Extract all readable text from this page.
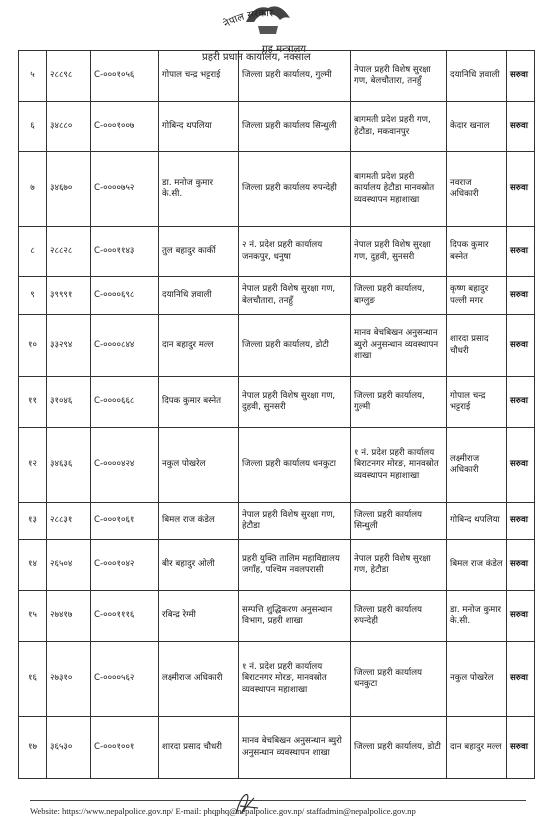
नेपाल सरकार
गृह मन्त्रालय
प्रहरी प्रधान कार्यालय, नक्साल
५	२८८९८	C-०००१०५६	गोपाल चन्द्र भट्टराई	जिल्ला प्रहरी कार्यालय, गुल्मी	नेपाल प्रहरी विशेष सुरक्षा गण, बेलचौतारा, तनहुँ	दयानिधि ज्ञवाली	सरुवा
६	३४८८०	C-०००१००७	गोबिन्द थपलिया	जिल्ला प्रहरी कार्यालय सिन्धुली	बागमती प्रदेश प्रहरी गण, हेटौडा, मकवानपुर	केदार खनाल	सरुवा
७	३४६७०	C-००००७५२	डा. मनोज कुमार के.सी.	जिल्ला प्रहरी कार्यालय रुपन्देही	बागमती प्रदेश प्रहरी कार्यालय हेटौडा मानवस्रोत व्यवस्थापन महाशाखा	नवराज अधिकारी	सरुवा
८	२८८२८	C-०००११४३	तुल बहादुर कार्की	२ नं. प्रदेश प्रहरी कार्यालय जनकपुर, धनुषा	नेपाल प्रहरी विशेष सुरक्षा गण, दुहवी, सुनसरी	दिपक कुमार बस्नेत	सरुवा
९	३९९९१	C-००००६९८	दयानिधि ज्ञवाली	नेपाल प्रहरी विशेष सुरक्षा गण, बेलचौतारा, तनहुँ	जिल्ला प्रहरी कार्यालय, बाग्लुङ	कृष्ण बहादुर पल्ली मगर	सरुवा
१०	३३२९४	C-००००८४४	दान बहादुर मल्ल	जिल्ला प्रहरी कार्यालय, डोटी	मानव बेचबिखन अनुसन्धान ब्युरो अनुसन्धान व्यवस्थापन शाखा	शारदा प्रसाद चौधरी	सरुवा
११	३१०४६	C-००००६६८	दिपक कुमार बस्नेत	नेपाल प्रहरी विशेष सुरक्षा गण, दुहवी, सुनसरी	जिल्ला प्रहरी कार्यालय, गुल्मी	गोपाल चन्द्र भट्टराई	सरुवा
१२	३४६३६	C-००००४२४	नकुल पोखरेल	जिल्ला प्रहरी कार्यालय धनकुटा	१ नं. प्रदेश प्रहरी कार्यालय बिराटनगर मोरङ, मानवस्रोत व्यवस्थापन महाशाखा	लक्ष्मीराज अधिकारी	सरुवा
१३	२८८३१	C-०००१०६१	बिमल राज कंडेल	नेपाल प्रहरी विशेष सुरक्षा गण, हेटौडा	जिल्ला प्रहरी कार्यालय सिन्धुली	गोबिन्द थपलिया	सरुवा
१४	२६५०४	C-०००१०४२	बीर बहादुर ओली	प्रहरी युक्ति तालिम महाविद्यालय जगाँह, पश्चिम नवलपरासी	नेपाल प्रहरी विशेष सुरक्षा गण, हेटौडा	बिमल राज कंडेल	सरुवा
१५	२७४१७	C-०००१११६	रबिन्द्र रेग्मी	सम्पत्ति शुद्धिकरण अनुसन्धान विभाग, प्रहरी शाखा	जिल्ला प्रहरी कार्यालय रुपन्देही	डा. मनोज कुमार के.सी.	सरुवा
१६	२७३१०	C-००००५६२	लक्ष्मीराज अधिकारी	१ नं. प्रदेश प्रहरी कार्यालय बिराटनगर मोरङ, मानवस्रोत व्यवस्थापन महाशाखा	जिल्ला प्रहरी कार्यालय धनकुटा	नकुल पोखरेल	सरुवा
१७	३६५३०	C-०००१००१	शारदा प्रसाद चौधरी	मानव बेचबिखन अनुसन्धान ब्युरो अनुसन्धान व्यवस्थापन शाखा	जिल्ला प्रहरी कार्यालय, डोटी	दान बहादुर मल्ल	सरुवा
Website: https://www.nepalpolice.gov.np/ E-mail: phqphq@nepalpolice.gov.np/ staffadmin@nepalpolice.gov.np
